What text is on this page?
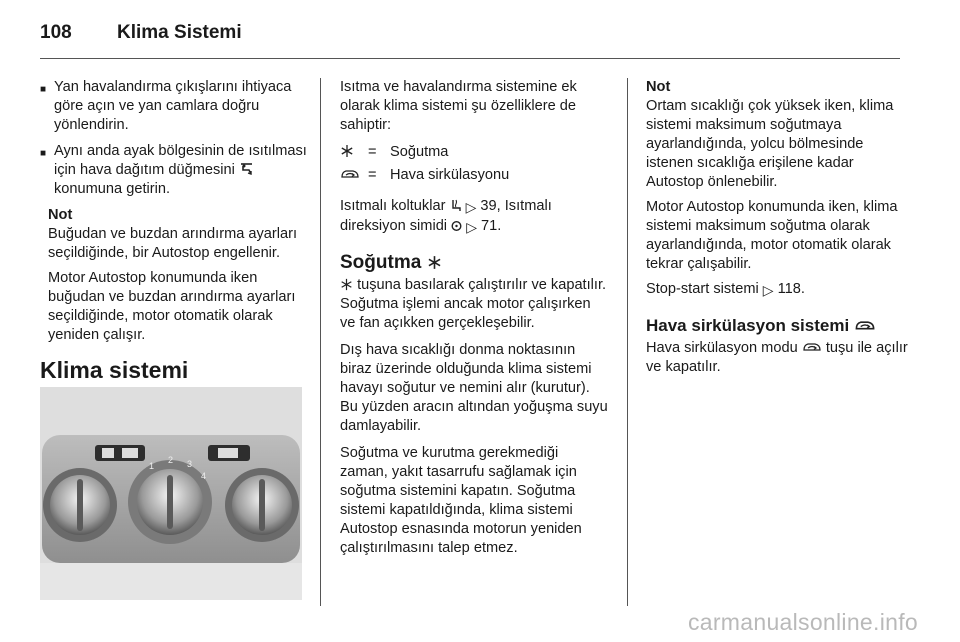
108	Klima Sistemi
■ Yan havalandırma çıkışlarını ihtiyaca göre açın ve yan camlara doğru yönlendirin.
■ Aynı anda ayak bölgesinin de ısıtılması için hava dağıtım düğmesini  konumuna getirin.
Not
Buğudan ve buzdan arındırma ayarları seçildiğinde, bir Autostop engellenir.
Motor Autostop konumunda iken buğudan ve buzdan arındırma ayarları seçildiğinde, motor otomatik olarak yeniden çalışır.
Klima sistemi
1
2 3
4

Isıtma ve havalandırma sistemine ek olarak klima sistemi şu özelliklere de sahiptir:

= Soğutma
= Hava sirkülasyonu

Isıtmalı koltuklar ▷ 39, Isıtmalı direksiyon simidi ▷ 71.

Soğutma

tuşuna basılarak çalıştırılır ve kapatılır. Soğutma işlemi ancak motor çalışırken ve fan açıkken gerçekleşebilir.

Dış hava sıcaklığı donma noktasının biraz üzerinde olduğunda klima sistemi havayı soğutur ve nemini alır (kurutur). Bu yüzden aracın altından yoğuşma suyu damlayabilir.

Soğutma ve kurutma gerekmediği zaman, yakıt tasarrufu sağlamak için soğutma sistemini kapatın. Soğutma sistemi kapatıldığında, klima sistemi Autostop esnasında motorun yeniden çalıştırılmasını talep etmez.

Not
Ortam sıcaklığı çok yüksek iken, klima sistemi maksimum soğutmaya ayarlandığında, yolcu bölmesinde istenen sıcaklığa erişilene kadar Autostop önlenebilir.
Motor Autostop konumunda iken, klima sistemi maksimum soğutma olarak ayarlandığında, motor otomatik olarak tekrar çalışabilir.

Stop-start sistemi ▷ 118.

Hava sirkülasyon sistemi

Hava sirkülasyon modu tuşu ile açılır ve kapatılır.

carmanualsonline.info
